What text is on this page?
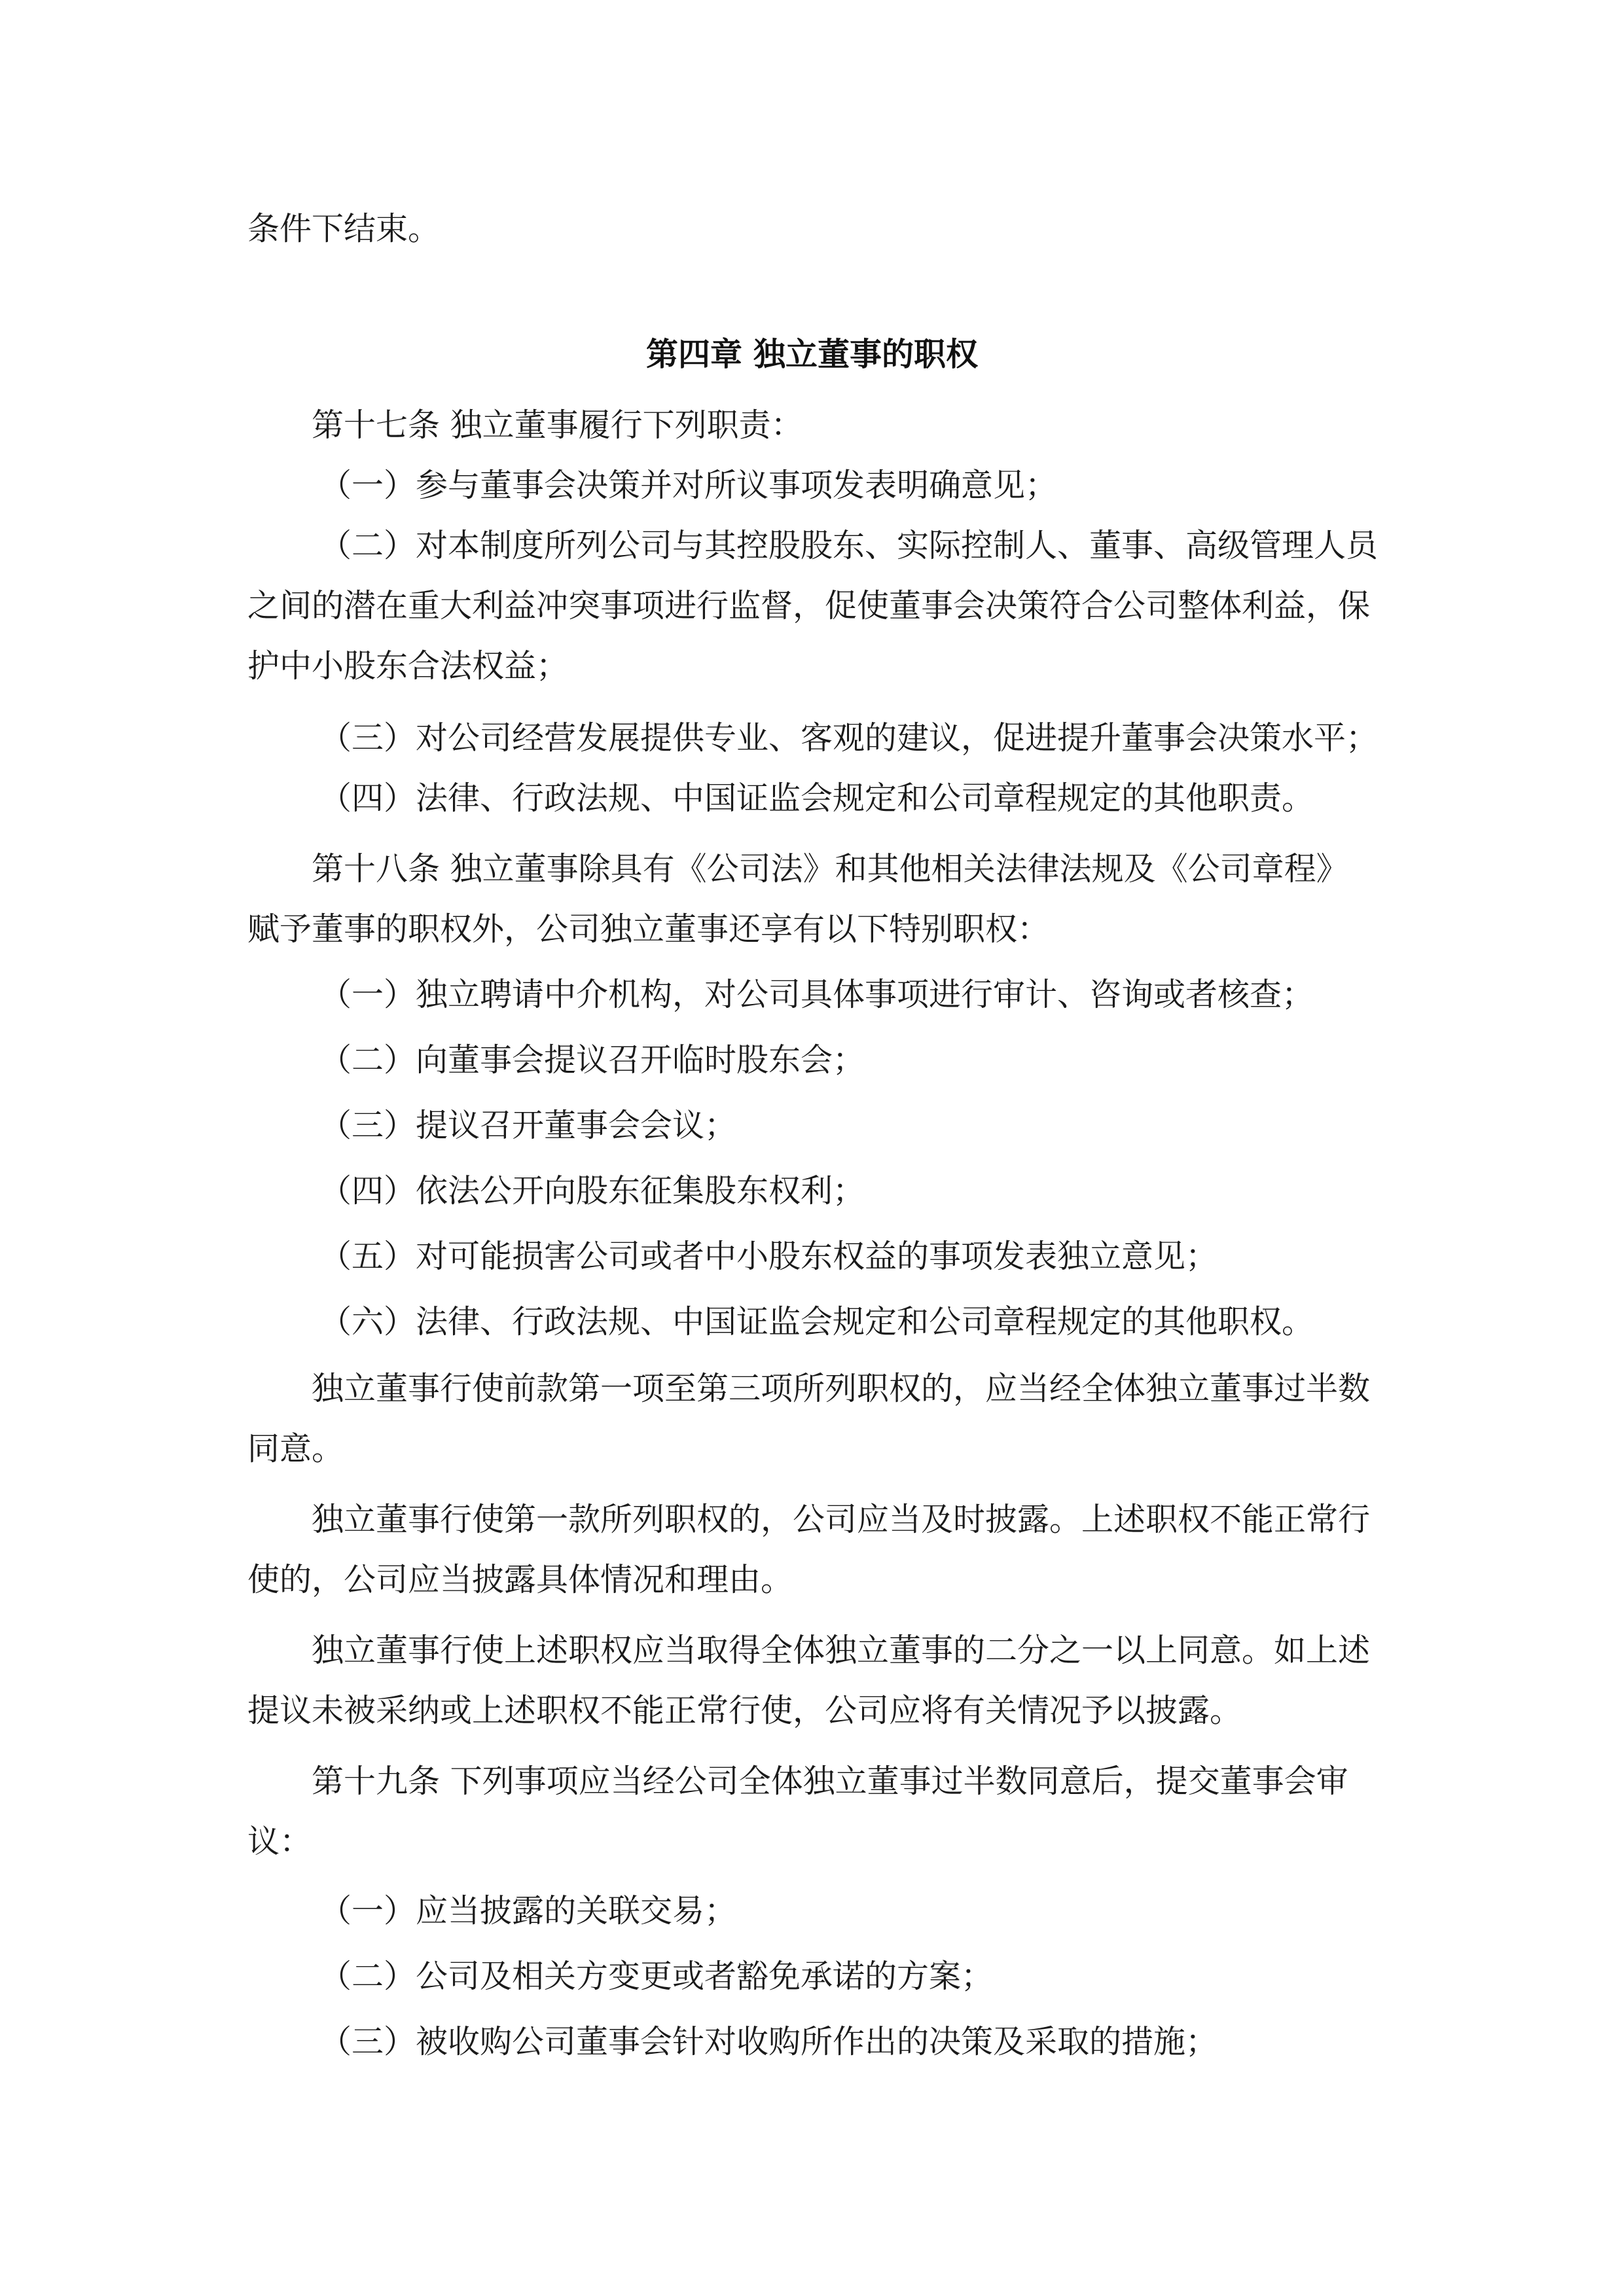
条件下结束。
第四章 独立董事的职权
第十七条 独立董事履行下列职责：
（一）参与董事会决策并对所议事项发表明确意见；
（二）对本制度所列公司与其控股股东、实际控制人、董事、高级管理人员
之间的潜在重大利益冲突事项进行监督，促使董事会决策符合公司整体利益，保
护中小股东合法权益；
（三）对公司经营发展提供专业、客观的建议，促进提升董事会决策水平；
（四）法律、行政法规、中国证监会规定和公司章程规定的其他职责。
第十八条 独立董事除具有《公司法》和其他相关法律法规及《公司章程》
赋予董事的职权外，公司独立董事还享有以下特别职权：
（一）独立聘请中介机构，对公司具体事项进行审计、咨询或者核查；
（二）向董事会提议召开临时股东会；
（三）提议召开董事会会议；
（四）依法公开向股东征集股东权利；
（五）对可能损害公司或者中小股东权益的事项发表独立意见；
（六）法律、行政法规、中国证监会规定和公司章程规定的其他职权。
独立董事行使前款第一项至第三项所列职权的，应当经全体独立董事过半数
同意。
独立董事行使第一款所列职权的，公司应当及时披露。上述职权不能正常行
使的，公司应当披露具体情况和理由。
独立董事行使上述职权应当取得全体独立董事的二分之一以上同意。如上述
提议未被采纳或上述职权不能正常行使，公司应将有关情况予以披露。
第十九条 下列事项应当经公司全体独立董事过半数同意后，提交董事会审
议：
（一）应当披露的关联交易；
（二）公司及相关方变更或者豁免承诺的方案；
（三）被收购公司董事会针对收购所作出的决策及采取的措施；
